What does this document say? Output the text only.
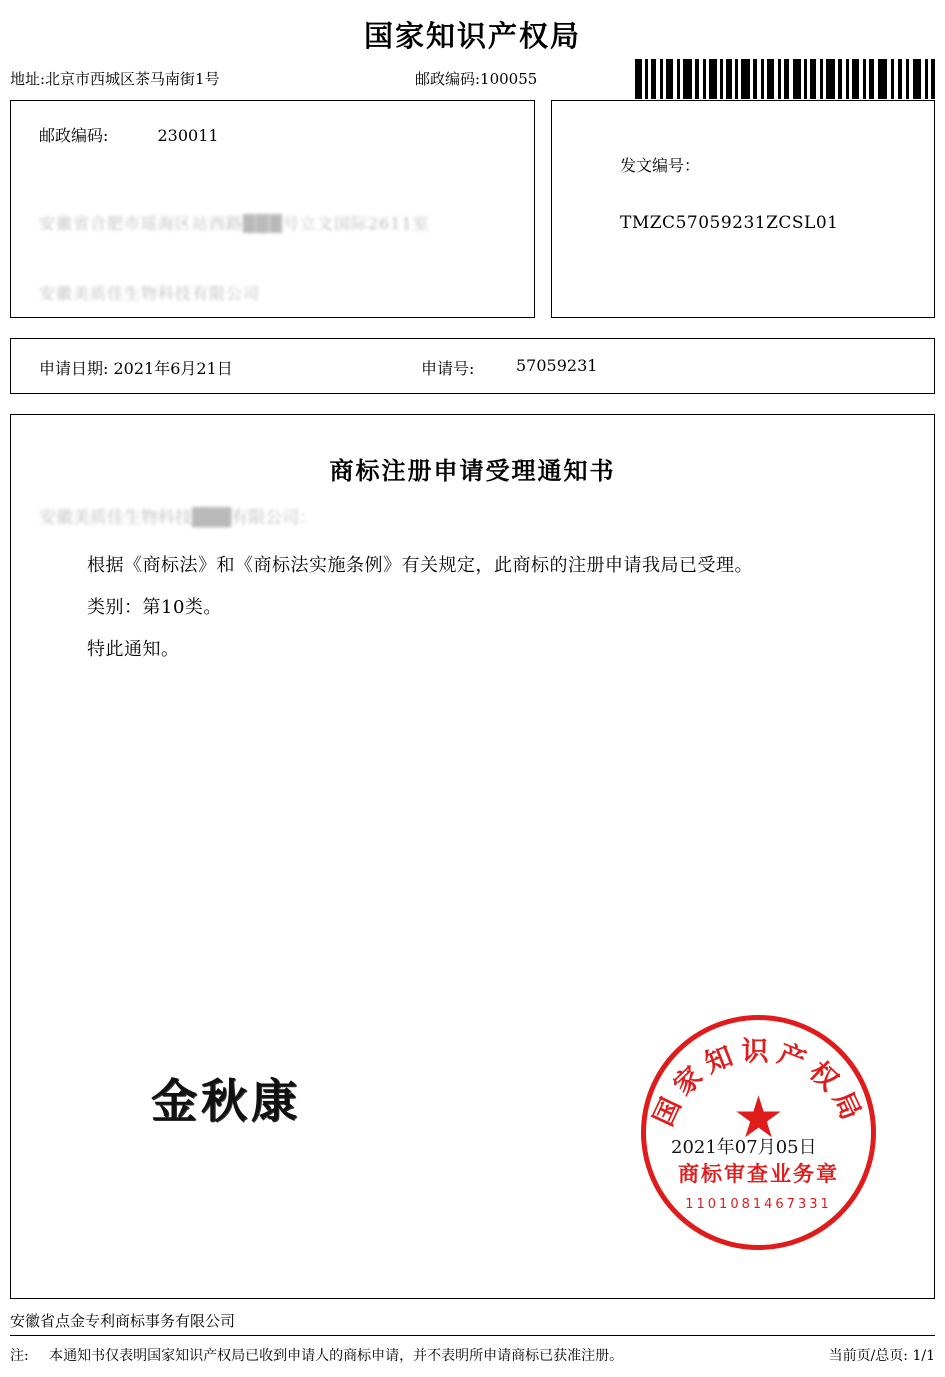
国家知识产权局
地址:北京市西城区茶马南街1号	邮政编码:100055
邮政编码:	230011
安徽省合肥市瑶海区站西路███号立文国际2611室
安徽美质佳生物科技有限公司
发文编号：
TMZC57059231ZCSL01
申请日期: 2021年6月21日	申请号:	57059231
商标注册申请受理通知书
安徽美质佳生物科技███有限公司：
根据《商标法》和《商标法实施条例》有关规定，此商标的注册申请我局已受理。
类别：第10类。
特此通知。
金秋康	国家知识产权局
商标审查业务章
1101081467331
2021年07月05日
安徽省点金专利商标事务有限公司
注: 本通知书仅表明国家知识产权局已收到申请人的商标申请，并不表明所申请商标已获准注册。	当前页/总页: 1/1
